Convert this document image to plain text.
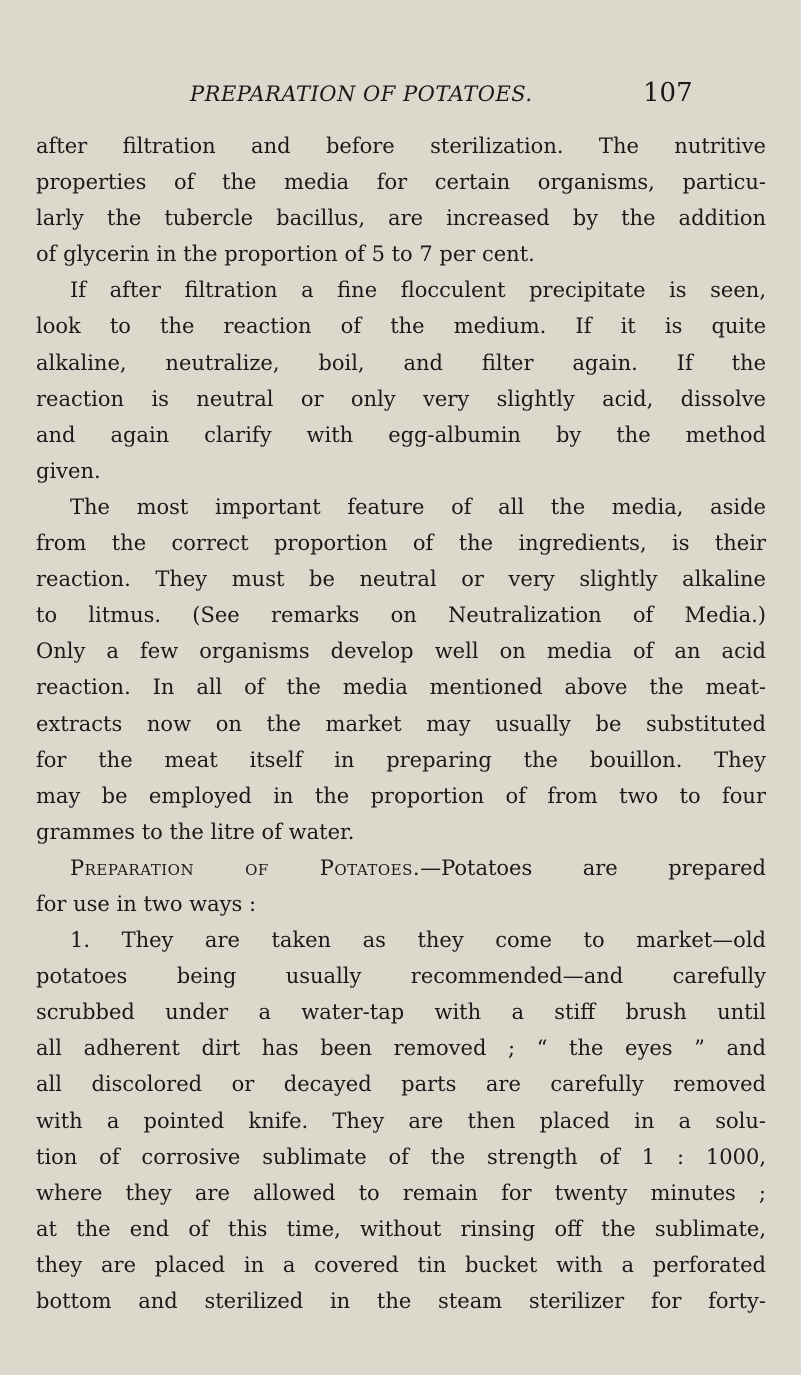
PREPARATION OF POTATOES.	107
after filtration and before sterilization. The nutritive
properties of the media for certain organisms, particu-
larly the tubercle bacillus, are increased by the addition
of glycerin in the proportion of 5 to 7 per cent.
If after filtration a fine flocculent precipitate is seen,
look to the reaction of the medium. If it is quite
alkaline, neutralize, boil, and filter again. If the
reaction is neutral or only very slightly acid, dissolve
and again clarify with egg-albumin by the method
given.
The most important feature of all the media, aside
from the correct proportion of the ingredients, is their
reaction. They must be neutral or very slightly alkaline
to litmus. (See remarks on Neutralization of Media.)
Only a few organisms develop well on media of an acid
reaction. In all of the media mentioned above the meat-
extracts now on the market may usually be substituted
for the meat itself in preparing the bouillon. They
may be employed in the proportion of from two to four
grammes to the litre of water.
Preparation of Potatoes.—Potatoes are prepared
for use in two ways :
1. They are taken as they come to market—old
potatoes being usually recommended—and carefully
scrubbed under a water-tap with a stiff brush until
all adherent dirt has been removed ; “ the eyes ” and
all discolored or decayed parts are carefully removed
with a pointed knife. They are then placed in a solu-
tion of corrosive sublimate of the strength of 1 : 1000,
where they are allowed to remain for twenty minutes ;
at the end of this time, without rinsing off the sublimate,
they are placed in a covered tin bucket with a perforated
bottom and sterilized in the steam sterilizer for forty-
